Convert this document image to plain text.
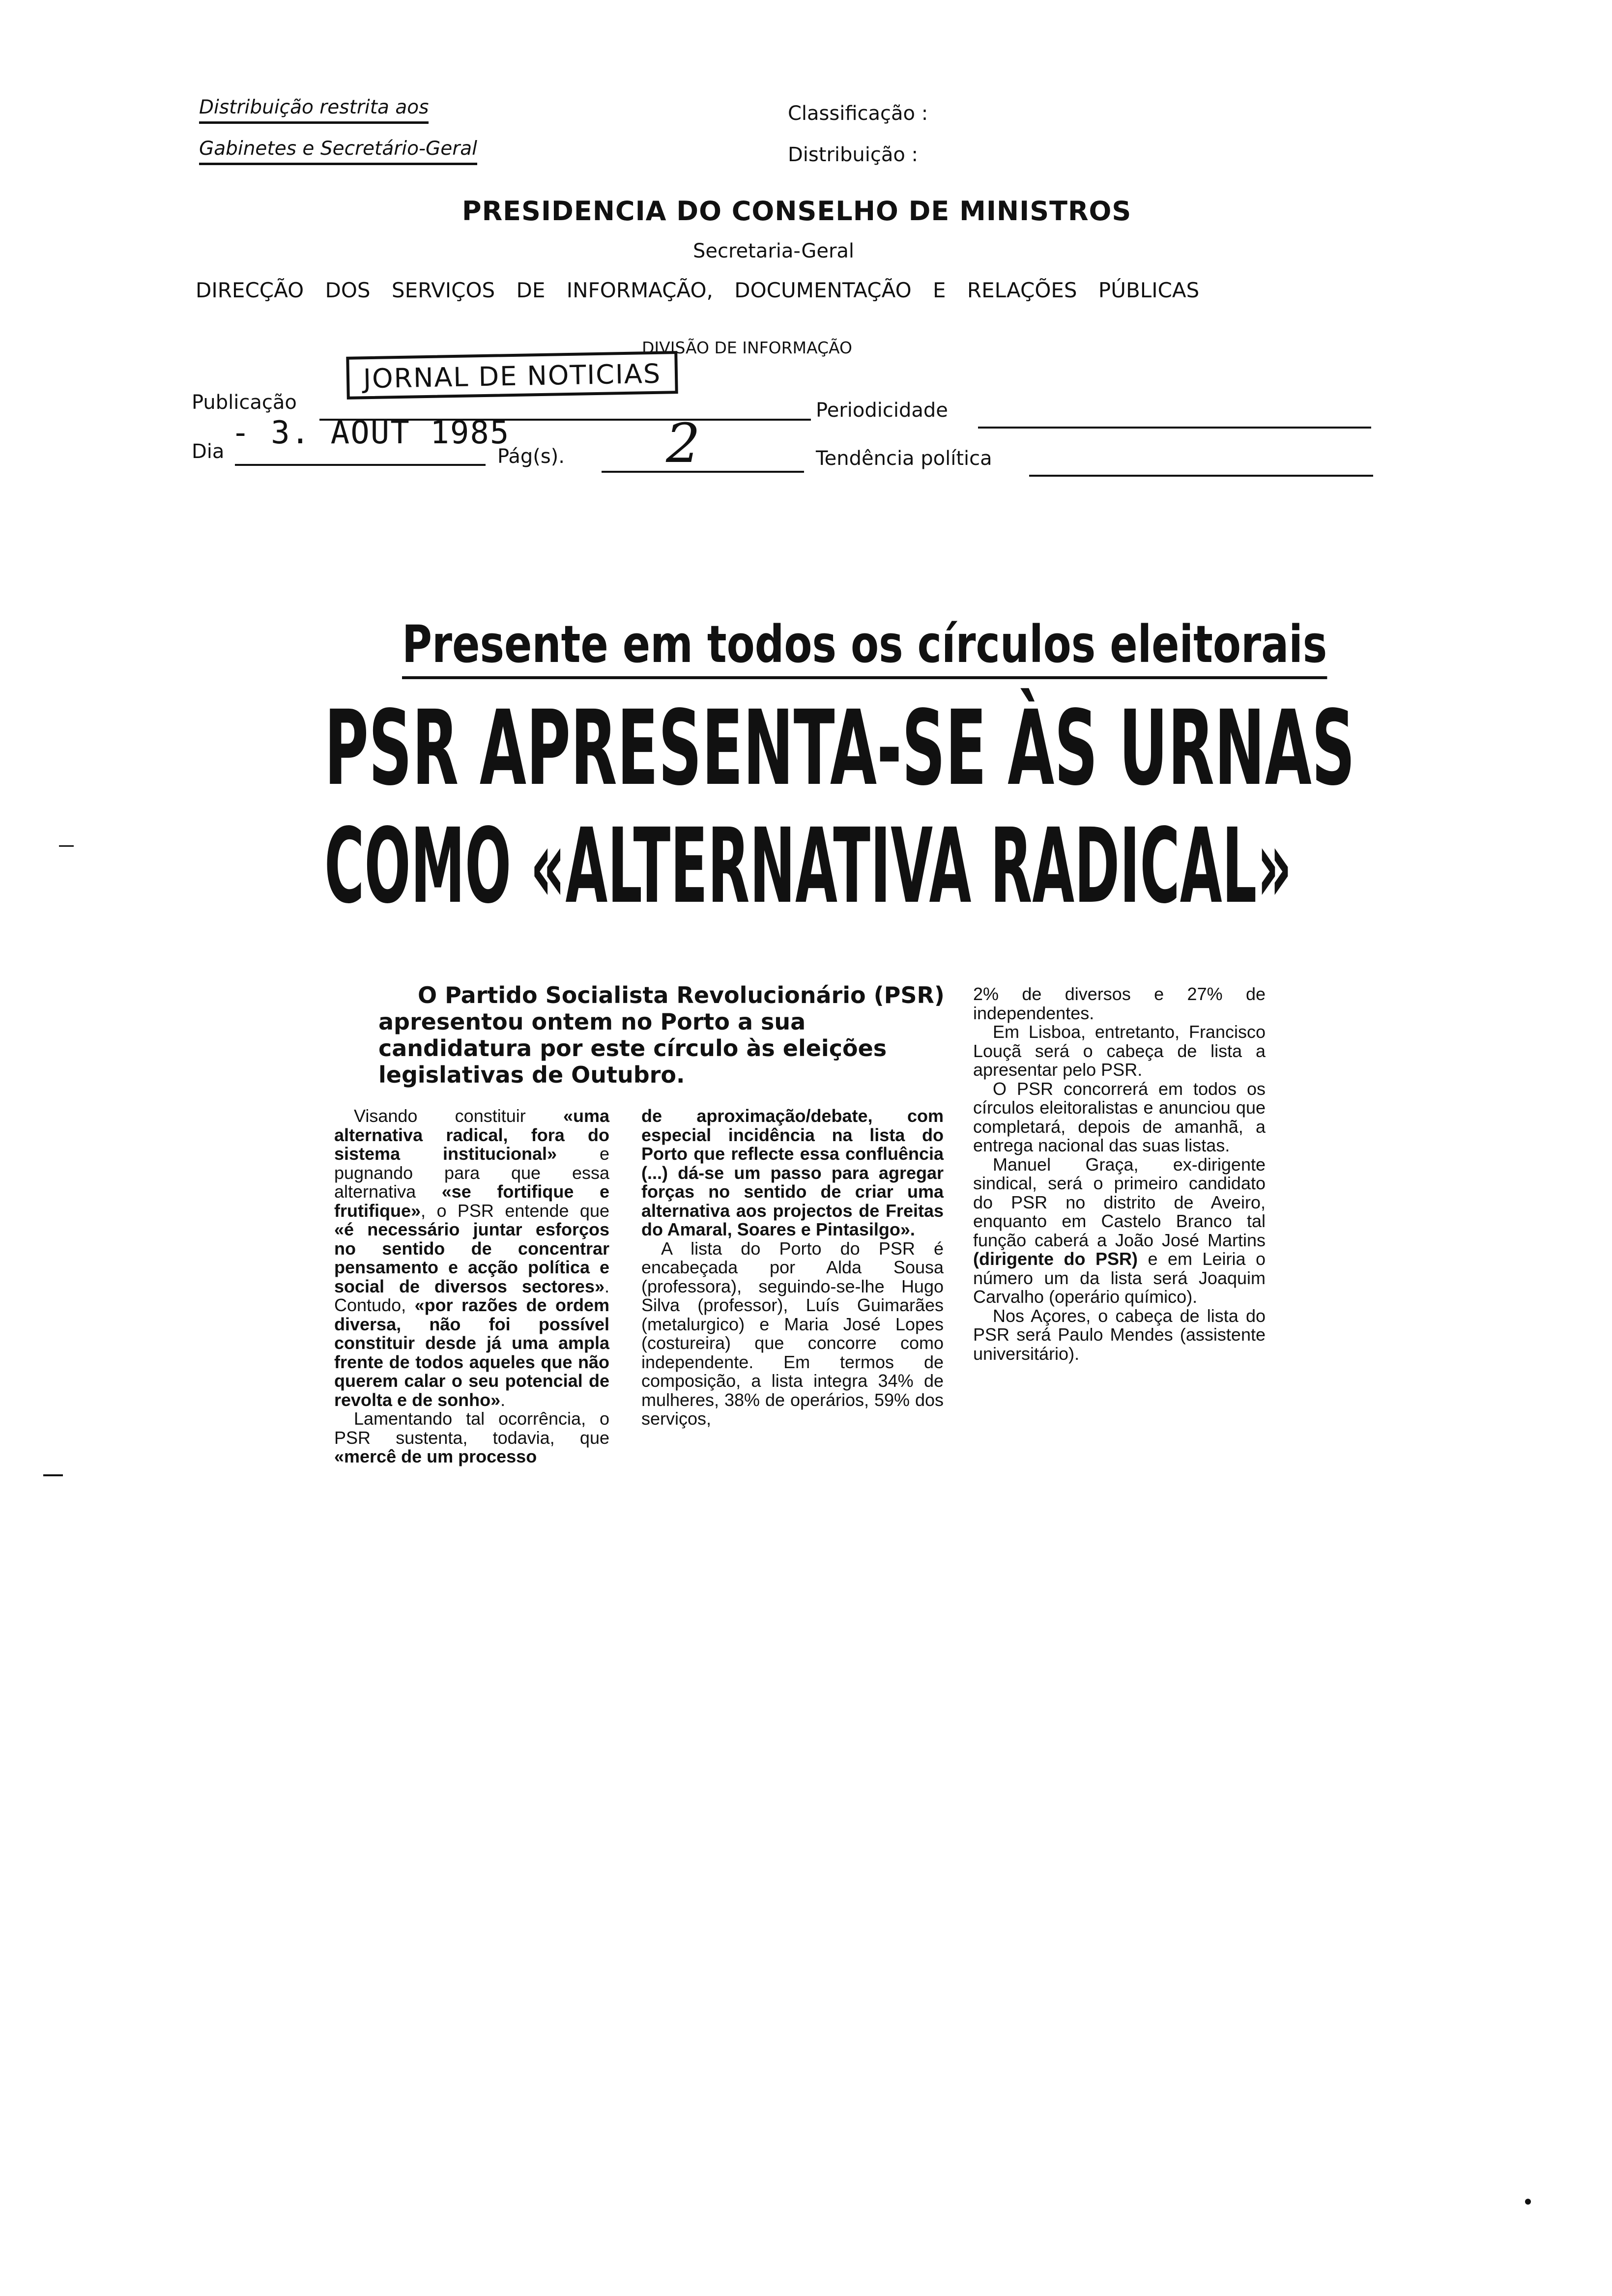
Distribuição restrita aos
Gabinetes e Secretário-Geral
Classificação :
Distribuição :
PRESIDENCIA DO CONSELHO DE MINISTROS
Secretaria-Geral
DIRECÇÃO DOS SERVIÇOS DE INFORMAÇÃO, DOCUMENTAÇÃO E RELAÇÕES PÚBLICAS
DIVISÃO DE INFORMAÇÃO
Publicação
JORNAL DE NOTICIAS
Periodicidade
Dia
- 3. AOUT 1985
Pág(s). 2	Tendência política
Presente em todos os círculos eleitorais
PSR APRESENTA-SE ÀS URNAS
COMO «ALTERNATIVA RADICAL»

O Partido Socialista Revolucionário (PSR) apresentou ontem no Porto a sua candidatura por este círculo às eleições legislativas de Outubro.

Visando constituir «uma alternativa radical, fora do sistema institucional» e pugnando para que essa alternativa «se fortifique e frutifique», o PSR entende que «é necessário juntar esforços no sentido de concentrar pensamento e acção política e social de diversos sectores». Contudo, «por razões de ordem diversa, não foi possível constituir desde já uma ampla frente de todos aqueles que não querem calar o seu potencial de revolta e de sonho».

Lamentando tal ocorrência, o PSR sustenta, todavia, que «mercê de um processo

de aproximação/debate, com especial incidência na lista do Porto que reflecte essa confluência (...) dá-se um passo para agregar forças no sentido de criar uma alternativa aos projectos de Freitas do Amaral, Soares e Pintasilgo».

A lista do Porto do PSR é encabeçada por Alda Sousa (professora), seguindo-se-lhe Hugo Silva (professor), Luís Guimarães (metalurgico) e Maria José Lopes (costureira) que concorre como independente. Em termos de composição, a lista integra 34% de mulheres, 38% de operários, 59% dos serviços,

2% de diversos e 27% de independentes.

Em Lisboa, entretanto, Francisco Louçã será o cabeça de lista a apresentar pelo PSR.

O PSR concorrerá em todos os círculos eleitoralistas e anunciou que completará, depois de amanhã, a entrega nacional das suas listas.

Manuel Graça, ex-dirigente sindical, será o primeiro candidato do PSR no distrito de Aveiro, enquanto em Castelo Branco tal função caberá a João José Martins (dirigente do PSR) e em Leiria o número um da lista será Joaquim Carvalho (operário químico).

Nos Açores, o cabeça de lista do PSR será Paulo Mendes (assistente universitário).
